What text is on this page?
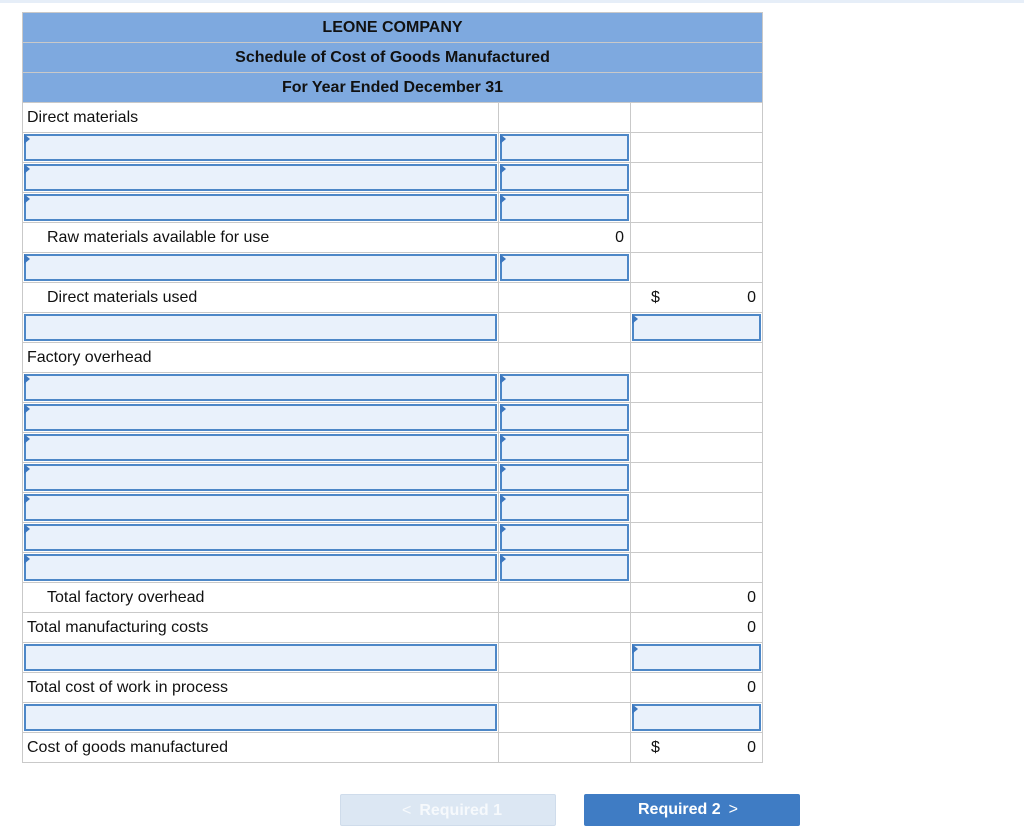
LEONE COMPANY		
Schedule of Cost of Goods Manufactured		
For Year Ended December 31		
Direct materials		

Raw materials available for use	0	

Direct materials used		$ 0

Factory overhead		

Total factory overhead		0
Total manufacturing costs		0

Total cost of work in process		0

Cost of goods manufactured		$ 0
< Required 1	Required 2 >
